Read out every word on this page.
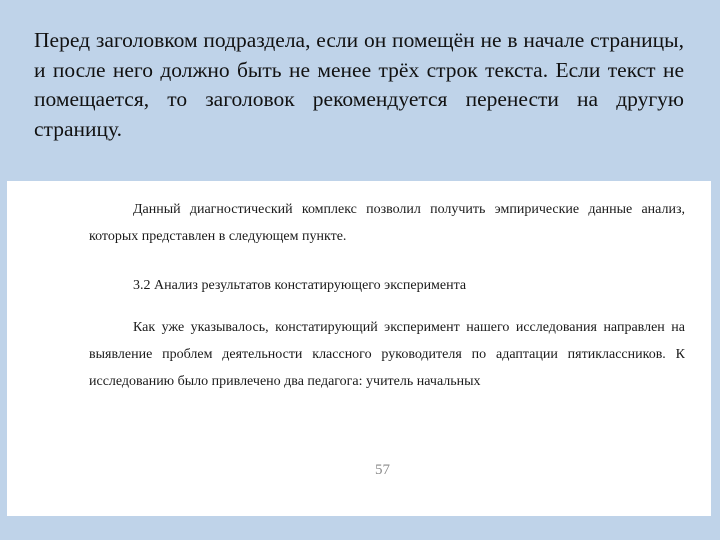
Перед заголовком подраздела, если он помещён не в начале страницы, и после него должно быть не менее трёх строк текста. Если текст не помещается, то заголовок рекомендуется перенести на другую страницу.

Данный диагностический комплекс позволил получить эмпирические данные анализ, которых представлен в следующем пункте.

3.2 Анализ результатов констатирующего эксперимента

Как уже указывалось, констатирующий эксперимент нашего исследования направлен на выявление проблем деятельности классного руководителя по адаптации пятиклассников. К исследованию было привлечено два педагога: учитель начальных

57
